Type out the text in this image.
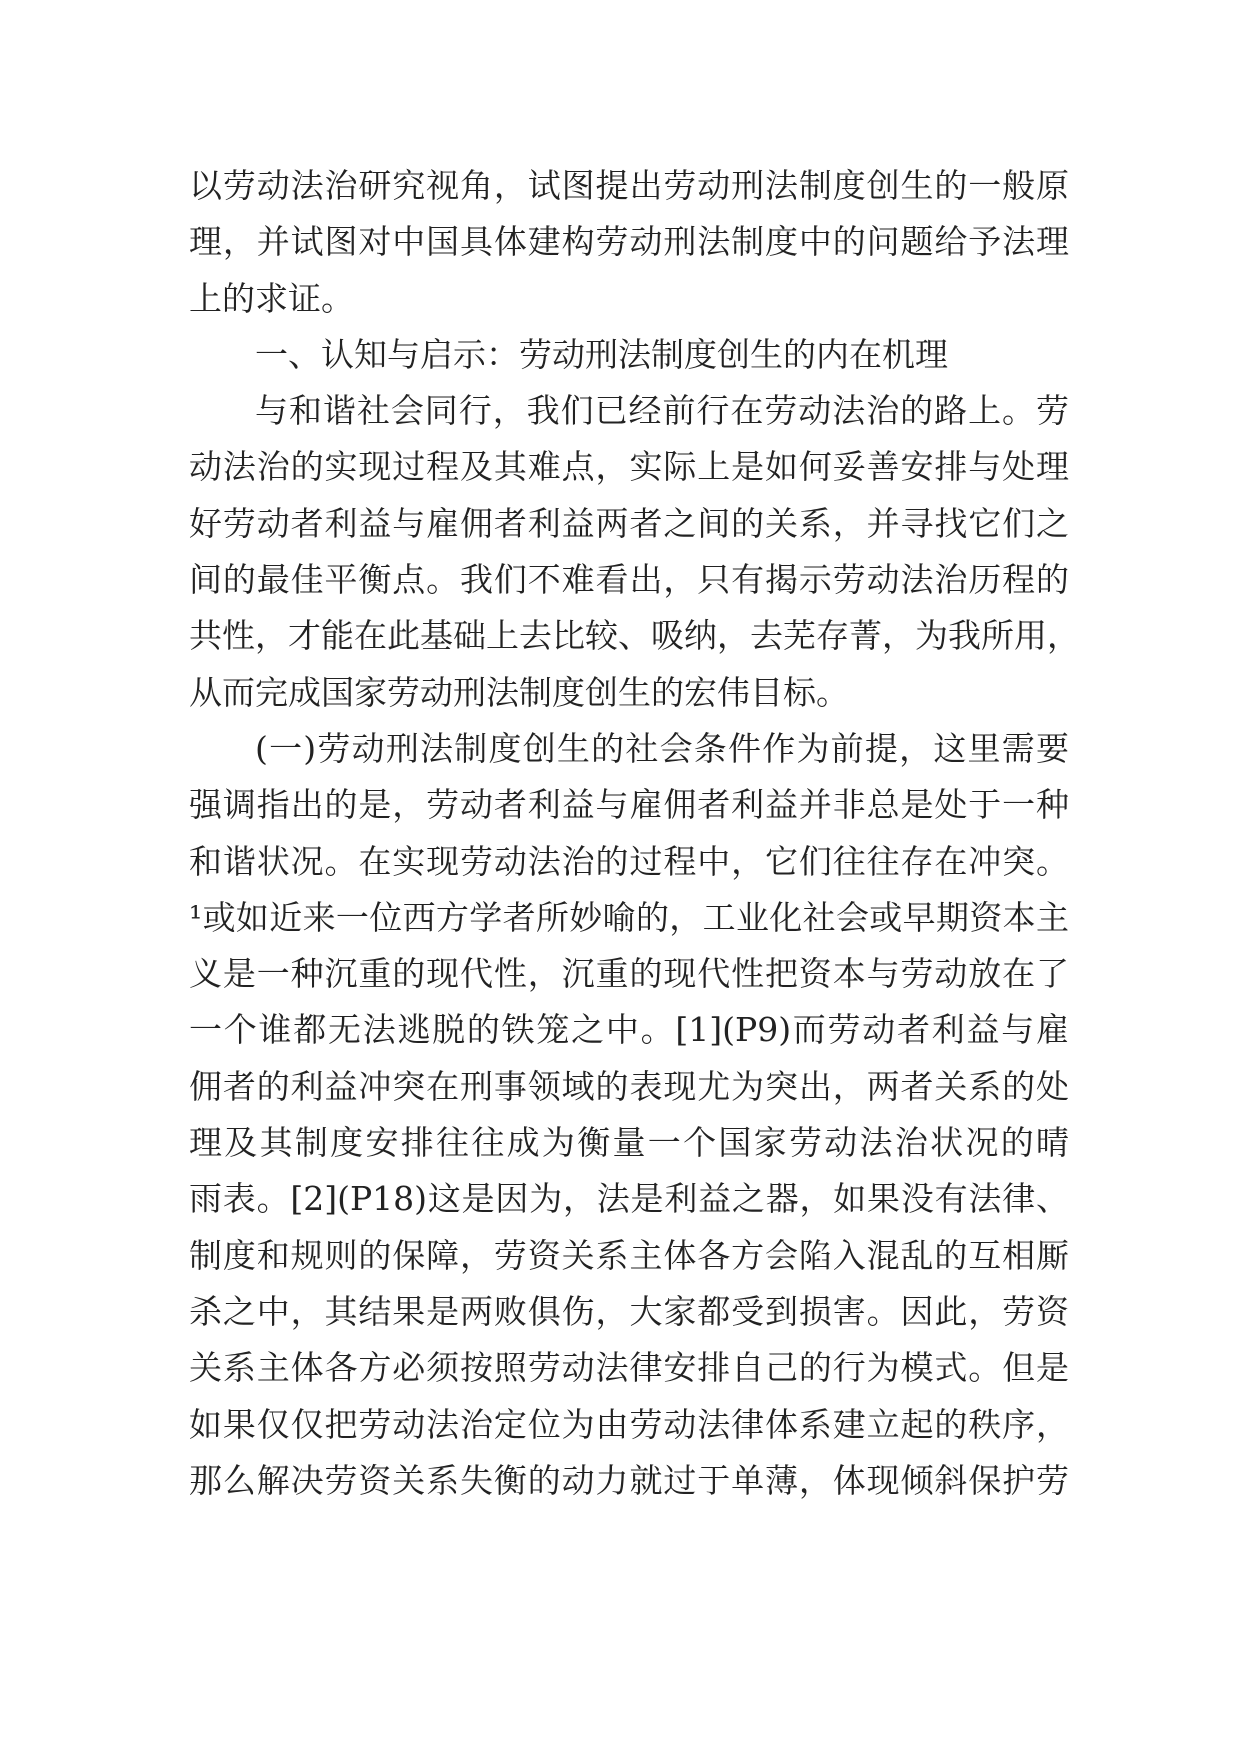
以劳动法治研究视角，试图提出劳动刑法制度创生的一般原
理，并试图对中国具体建构劳动刑法制度中的问题给予法理
上的求证。
一、认知与启示：劳动刑法制度创生的内在机理
与和谐社会同行，我们已经前行在劳动法治的路上。劳
动法治的实现过程及其难点，实际上是如何妥善安排与处理
好劳动者利益与雇佣者利益两者之间的关系，并寻找它们之
间的最佳平衡点。我们不难看出，只有揭示劳动法治历程的
共性，才能在此基础上去比较、吸纳，去芜存菁，为我所用，
从而完成国家劳动刑法制度创生的宏伟目标。
(一)劳动刑法制度创生的社会条件作为前提，这里需要
强调指出的是，劳动者利益与雇佣者利益并非总是处于一种
和谐状况。在实现劳动法治的过程中，它们往往存在冲突。
¹或如近来一位西方学者所妙喻的，工业化社会或早期资本主
义是一种沉重的现代性，沉重的现代性把资本与劳动放在了
一个谁都无法逃脱的铁笼之中。[1](P9)而劳动者利益与雇
佣者的利益冲突在刑事领域的表现尤为突出，两者关系的处
理及其制度安排往往成为衡量一个国家劳动法治状况的晴
雨表。[2](P18)这是因为，法是利益之器，如果没有法律、
制度和规则的保障，劳资关系主体各方会陷入混乱的互相厮
杀之中，其结果是两败俱伤，大家都受到损害。因此，劳资
关系主体各方必须按照劳动法律安排自己的行为模式。但是
如果仅仅把劳动法治定位为由劳动法律体系建立起的秩序，
那么解决劳资关系失衡的动力就过于单薄，体现倾斜保护劳
